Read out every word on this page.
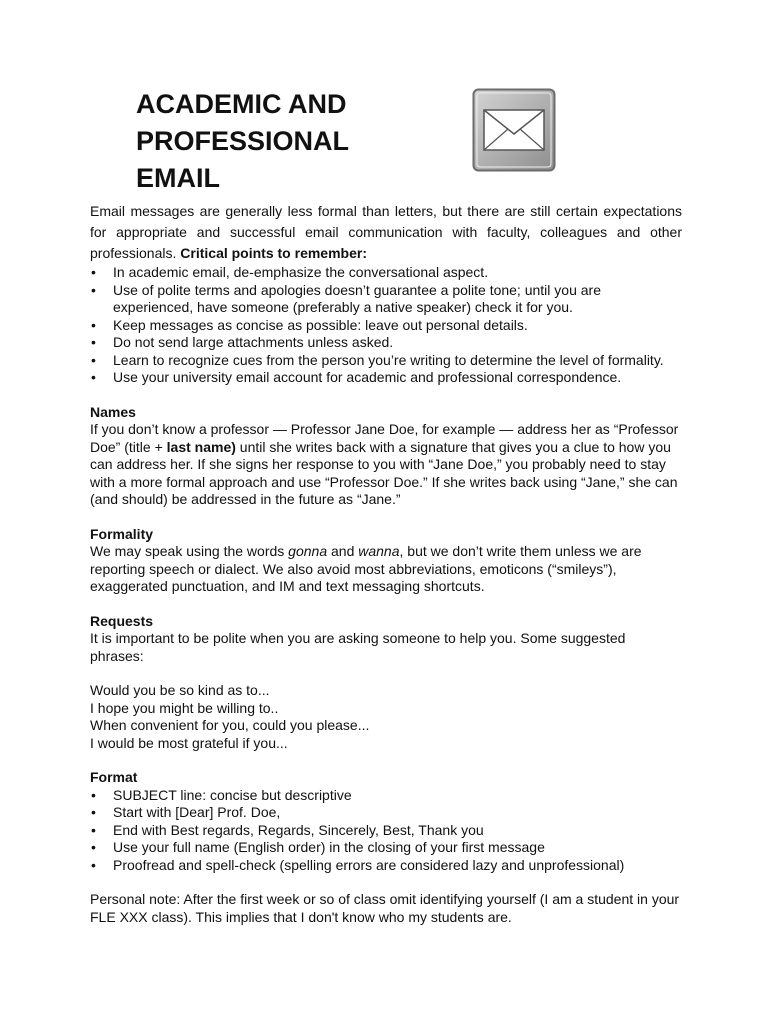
ACADEMIC AND
PROFESSIONAL
EMAIL

Email messages are generally less formal than letters, but there are still certain expectations for appropriate and successful email communication with faculty, colleagues and other professionals. Critical points to remember:

• In academic email, de-emphasize the conversational aspect.
• Use of polite terms and apologies doesn’t guarantee a polite tone; until you are experienced, have someone (preferably a native speaker) check it for you.
• Keep messages as concise as possible: leave out personal details.
• Do not send large attachments unless asked.
• Learn to recognize cues from the person you’re writing to determine the level of formality.
• Use your university email account for academic and professional correspondence.

Names

If you don’t know a professor — Professor Jane Doe, for example — address her as “Professor Doe” (title + last name) until she writes back with a signature that gives you a clue to how you can address her. If she signs her response to you with “Jane Doe,” you probably need to stay with a more formal approach and use “Professor Doe.” If she writes back using “Jane,” she can (and should) be addressed in the future as “Jane.”

Formality

We may speak using the words gonna and wanna, but we don’t write them unless we are reporting speech or dialect. We also avoid most abbreviations, emoticons (“smileys”), exaggerated punctuation, and IM and text messaging shortcuts.

Requests

It is important to be polite when you are asking someone to help you. Some suggested phrases:

Would you be so kind as to...

I hope you might be willing to..

When convenient for you, could you please...

I would be most grateful if you...

Format

• SUBJECT line: concise but descriptive
• Start with [Dear] Prof. Doe,
• End with Best regards, Regards, Sincerely, Best, Thank you
• Use your full name (English order) in the closing of your first message
• Proofread and spell-check (spelling errors are considered lazy and unprofessional)

Personal note: After the first week or so of class omit identifying yourself (I am a student in your FLE XXX class). This implies that I don't know who my students are.
